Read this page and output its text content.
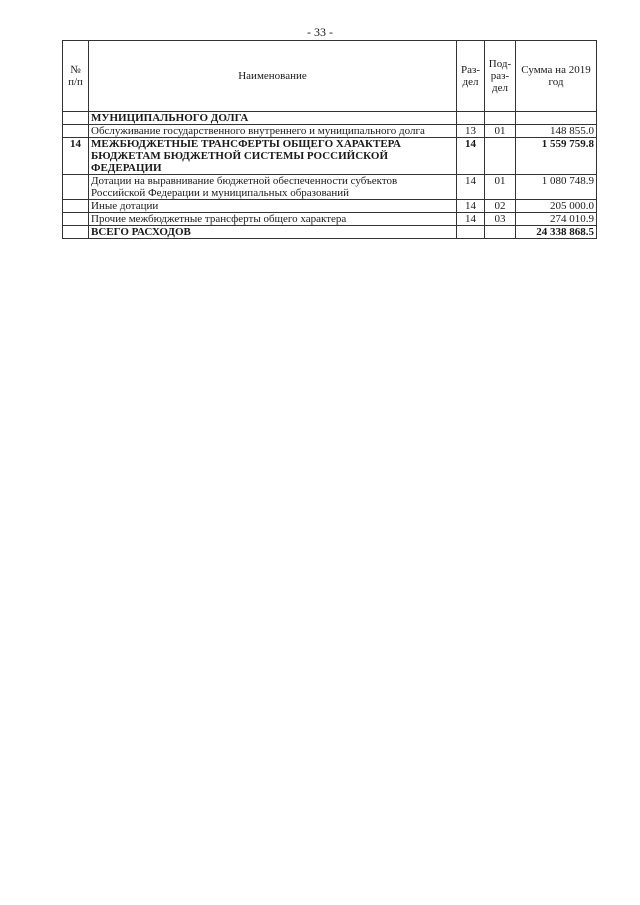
- 33 -
№ п/п	Наименование	Раз-дел	Под-раз-дел	Сумма на 2019 год
	МУНИЦИПАЛЬНОГО ДОЛГА			
	Обслуживание государственного внутреннего и муниципального долга	13	01	148 855.0
14	МЕЖБЮДЖЕТНЫЕ ТРАНСФЕРТЫ ОБЩЕГО ХАРАКТЕРА БЮДЖЕТАМ БЮДЖЕТНОЙ СИСТЕМЫ РОССИЙСКОЙ ФЕДЕРАЦИИ	14		1 559 759.8
	Дотации на выравнивание бюджетной обеспеченности субъектов Российской Федерации и муниципальных образований	14	01	1 080 748.9
	Иные дотации	14	02	205 000.0
	Прочие межбюджетные трансферты общего характера	14	03	274 010.9
	ВСЕГО РАСХОДОВ			24 338 868.5
